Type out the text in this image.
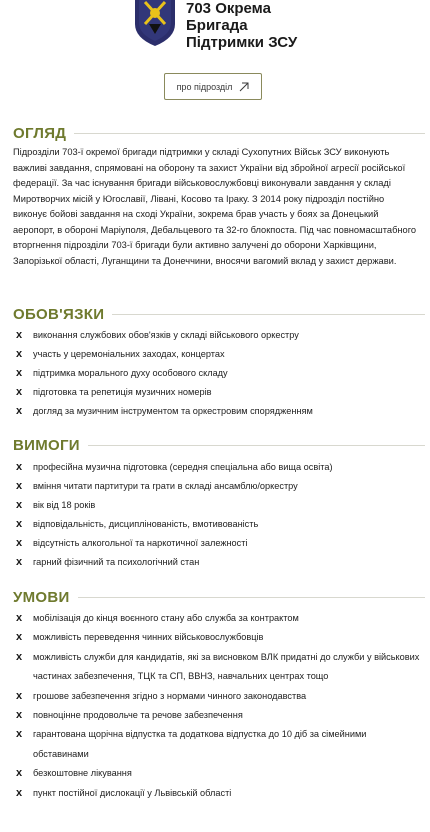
703 Окрема
Бригада
Підтримки ЗСУ
про підрозділ
ОГЛЯД
Підрозділи 703-ї окремої бригади підтримки у складі Сухопутних Військ ЗСУ виконують важливі завдання, спрямовані на оборону та захист України від збройної агресії російської федерації. За час існування бригади військовослужбовці виконували завдання у складі Миротворчих місій у Югославії, Лівані, Косово та Іраку. З 2014 року підрозділ постійно виконує бойові завдання на сході України, зокрема брав участь у боях за Донецький аеропорт, в обороні Маріуполя, Дебальцевого та 32-го блокпоста. Під час повномасштабного вторгнення підрозділи 703-ї бригади були активно залучені до оборони Харківщини, Запорізької області, Луганщини та Донеччини, вносячи вагомий вклад у захист держави.
ОБОВ'ЯЗКИ
x виконання службових обов'язків у складі військового оркестру
x участь у церемоніальних заходах, концертах
x підтримка морального духу особового складу
x підготовка та репетиція музичних номерів
x догляд за музичним інструментом та оркестровим спорядженням
ВИМОГИ
x професійна музична підготовка (середня спеціальна або вища освіта)
x вміння читати партитури та грати в складі ансамблю/оркестру
x вік від 18 років
x відповідальність, дисциплінованість, вмотивованість
x відсутність алкогольної та наркотичної залежності
x гарний фізичний та психологічний стан
УМОВИ
x мобілізація до кінця воєнного стану або служба за контрактом
x можливість переведення чинних військовослужбовців
x можливість служби для кандидатів, які за висновком ВЛК придатні до служби у військових частинах забезпечення, ТЦК та СП, ВВНЗ, навчальних центрах тощо
x грошове забезпечення згідно з нормами чинного законодавства
x повноцінне продовольче та речове забезпечення
x гарантована щорічна відпустка та додаткова відпустка до 10 діб за сімейними обставинами
x безкоштовне лікування
x пункт постійної дислокації у Львівській області
